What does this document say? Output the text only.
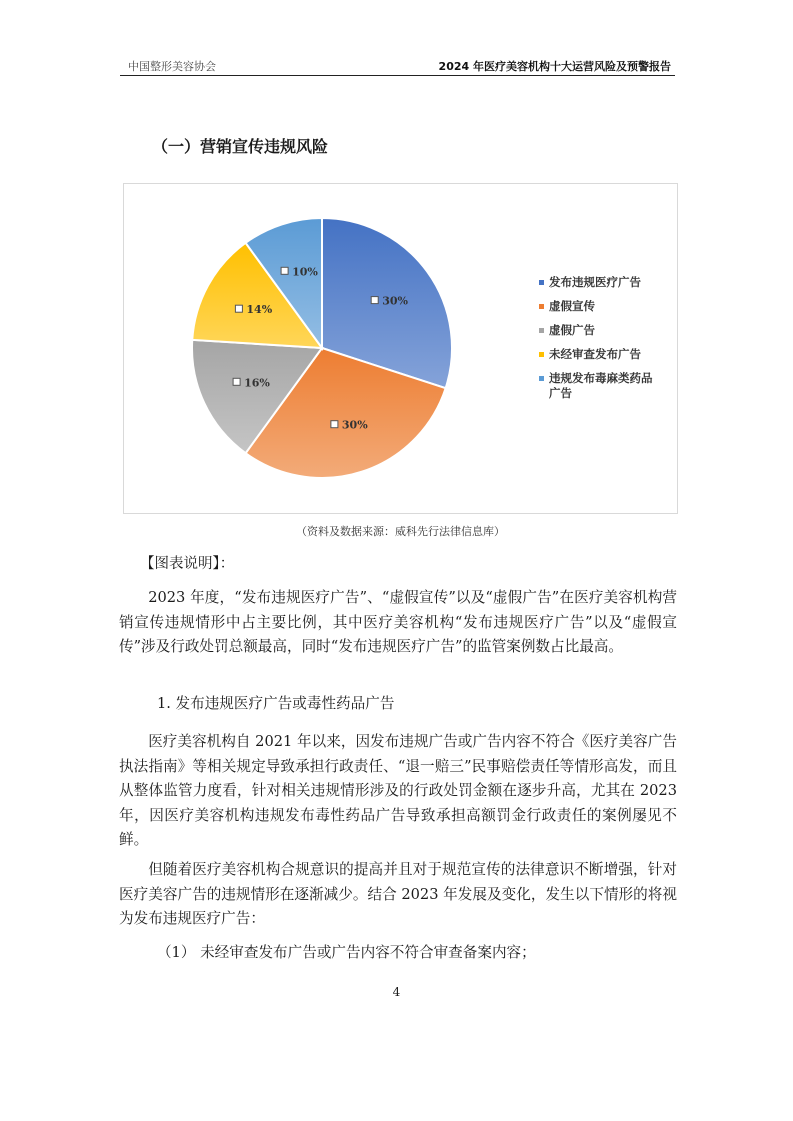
中国整形美容协会	2024 年医疗美容机构十大运营风险及预警报告
（一）营销宣传违规风险
30%
30%
16%
14%
10%
发布违规医疗广告
虚假宣传
虚假广告
未经审查发布广告
违规发布毒麻类药品广告
（资料及数据来源：威科先行法律信息库）
【图表说明】：

2023 年度，“发布违规医疗广告”、“虚假宣传”以及“虚假广告”在医疗美容机构营销宣传违规情形中占主要比例，其中医疗美容机构“发布违规医疗广告”以及“虚假宣传”涉及行政处罚总额最高，同时“发布违规医疗广告”的监管案例数占比最高。

1. 发布违规医疗广告或毒性药品广告

医疗美容机构自 2021 年以来，因发布违规广告或广告内容不符合《医疗美容广告执法指南》等相关规定导致承担行政责任、“退一赔三”民事赔偿责任等情形高发，而且从整体监管力度看，针对相关违规情形涉及的行政处罚金额在逐步升高，尤其在 2023 年，因医疗美容机构违规发布毒性药品广告导致承担高额罚金行政责任的案例屡见不鲜。

但随着医疗美容机构合规意识的提高并且对于规范宣传的法律意识不断增强，针对医疗美容广告的违规情形在逐渐减少。结合 2023 年发展及变化，发生以下情形的将视为发布违规医疗广告：

（1） 未经审查发布广告或广告内容不符合审查备案内容；

4
